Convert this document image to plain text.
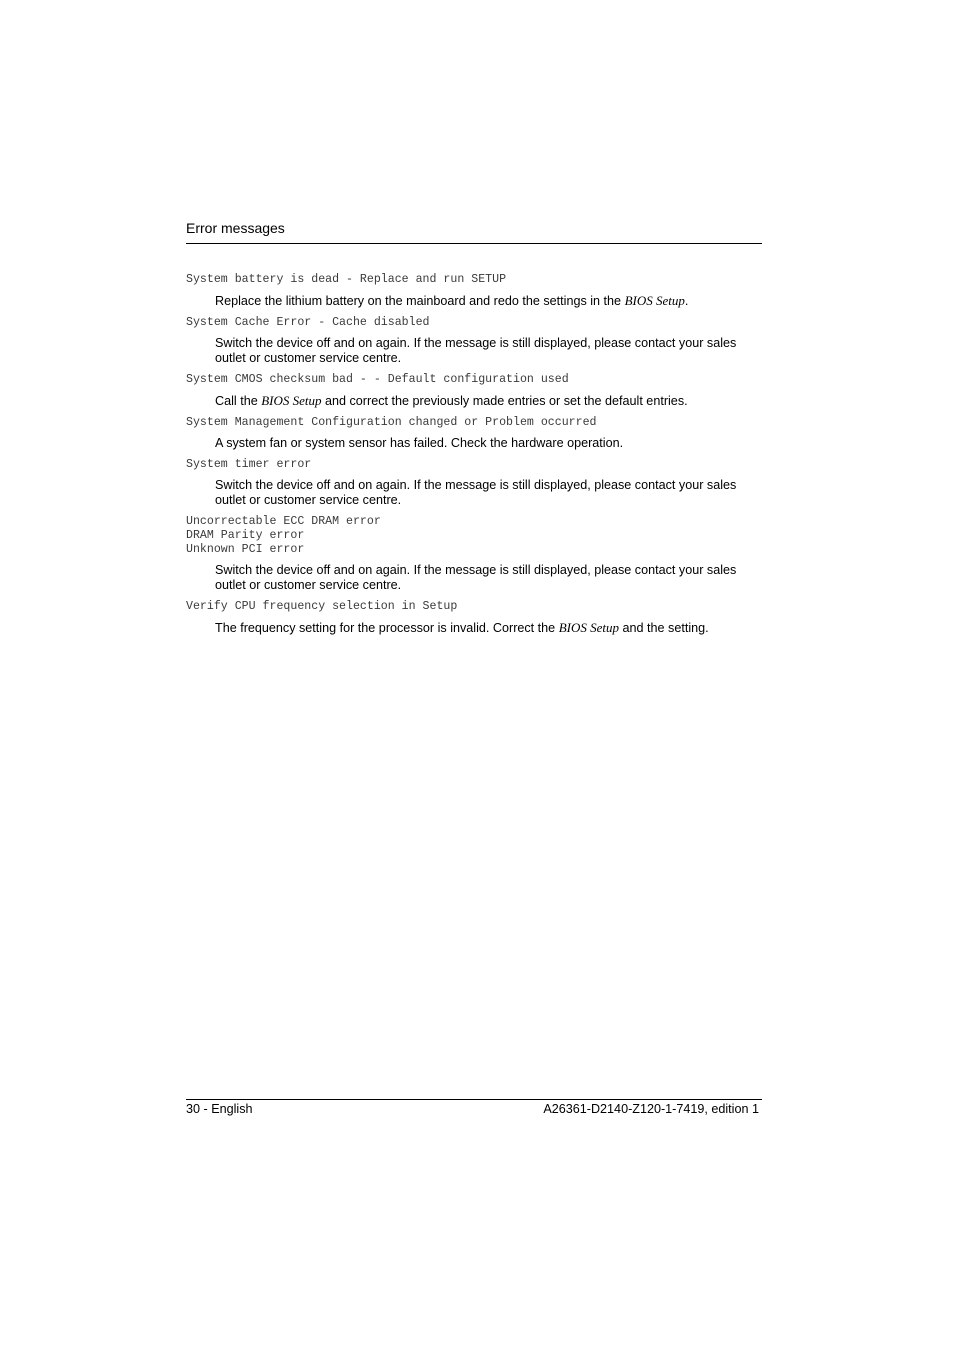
Error messages
System battery is dead - Replace and run SETUP
Replace the lithium battery on the mainboard and redo the settings in the BIOS Setup.
System Cache Error - Cache disabled
Switch the device off and on again. If the message is still displayed, please contact your sales outlet or customer service centre.
System CMOS checksum bad - - Default configuration used
Call the BIOS Setup and correct the previously made entries or set the default entries.
System Management Configuration changed or Problem occurred
A system fan or system sensor has failed. Check the hardware operation.
System timer error
Switch the device off and on again. If the message is still displayed, please contact your sales outlet or customer service centre.
Uncorrectable ECC DRAM error
DRAM Parity error
Unknown PCI error
Switch the device off and on again. If the message is still displayed, please contact your sales outlet or customer service centre.
Verify CPU frequency selection in Setup
The frequency setting for the processor is invalid. Correct the BIOS Setup and the setting.
30 - English	A26361-D2140-Z120-1-7419, edition 1
